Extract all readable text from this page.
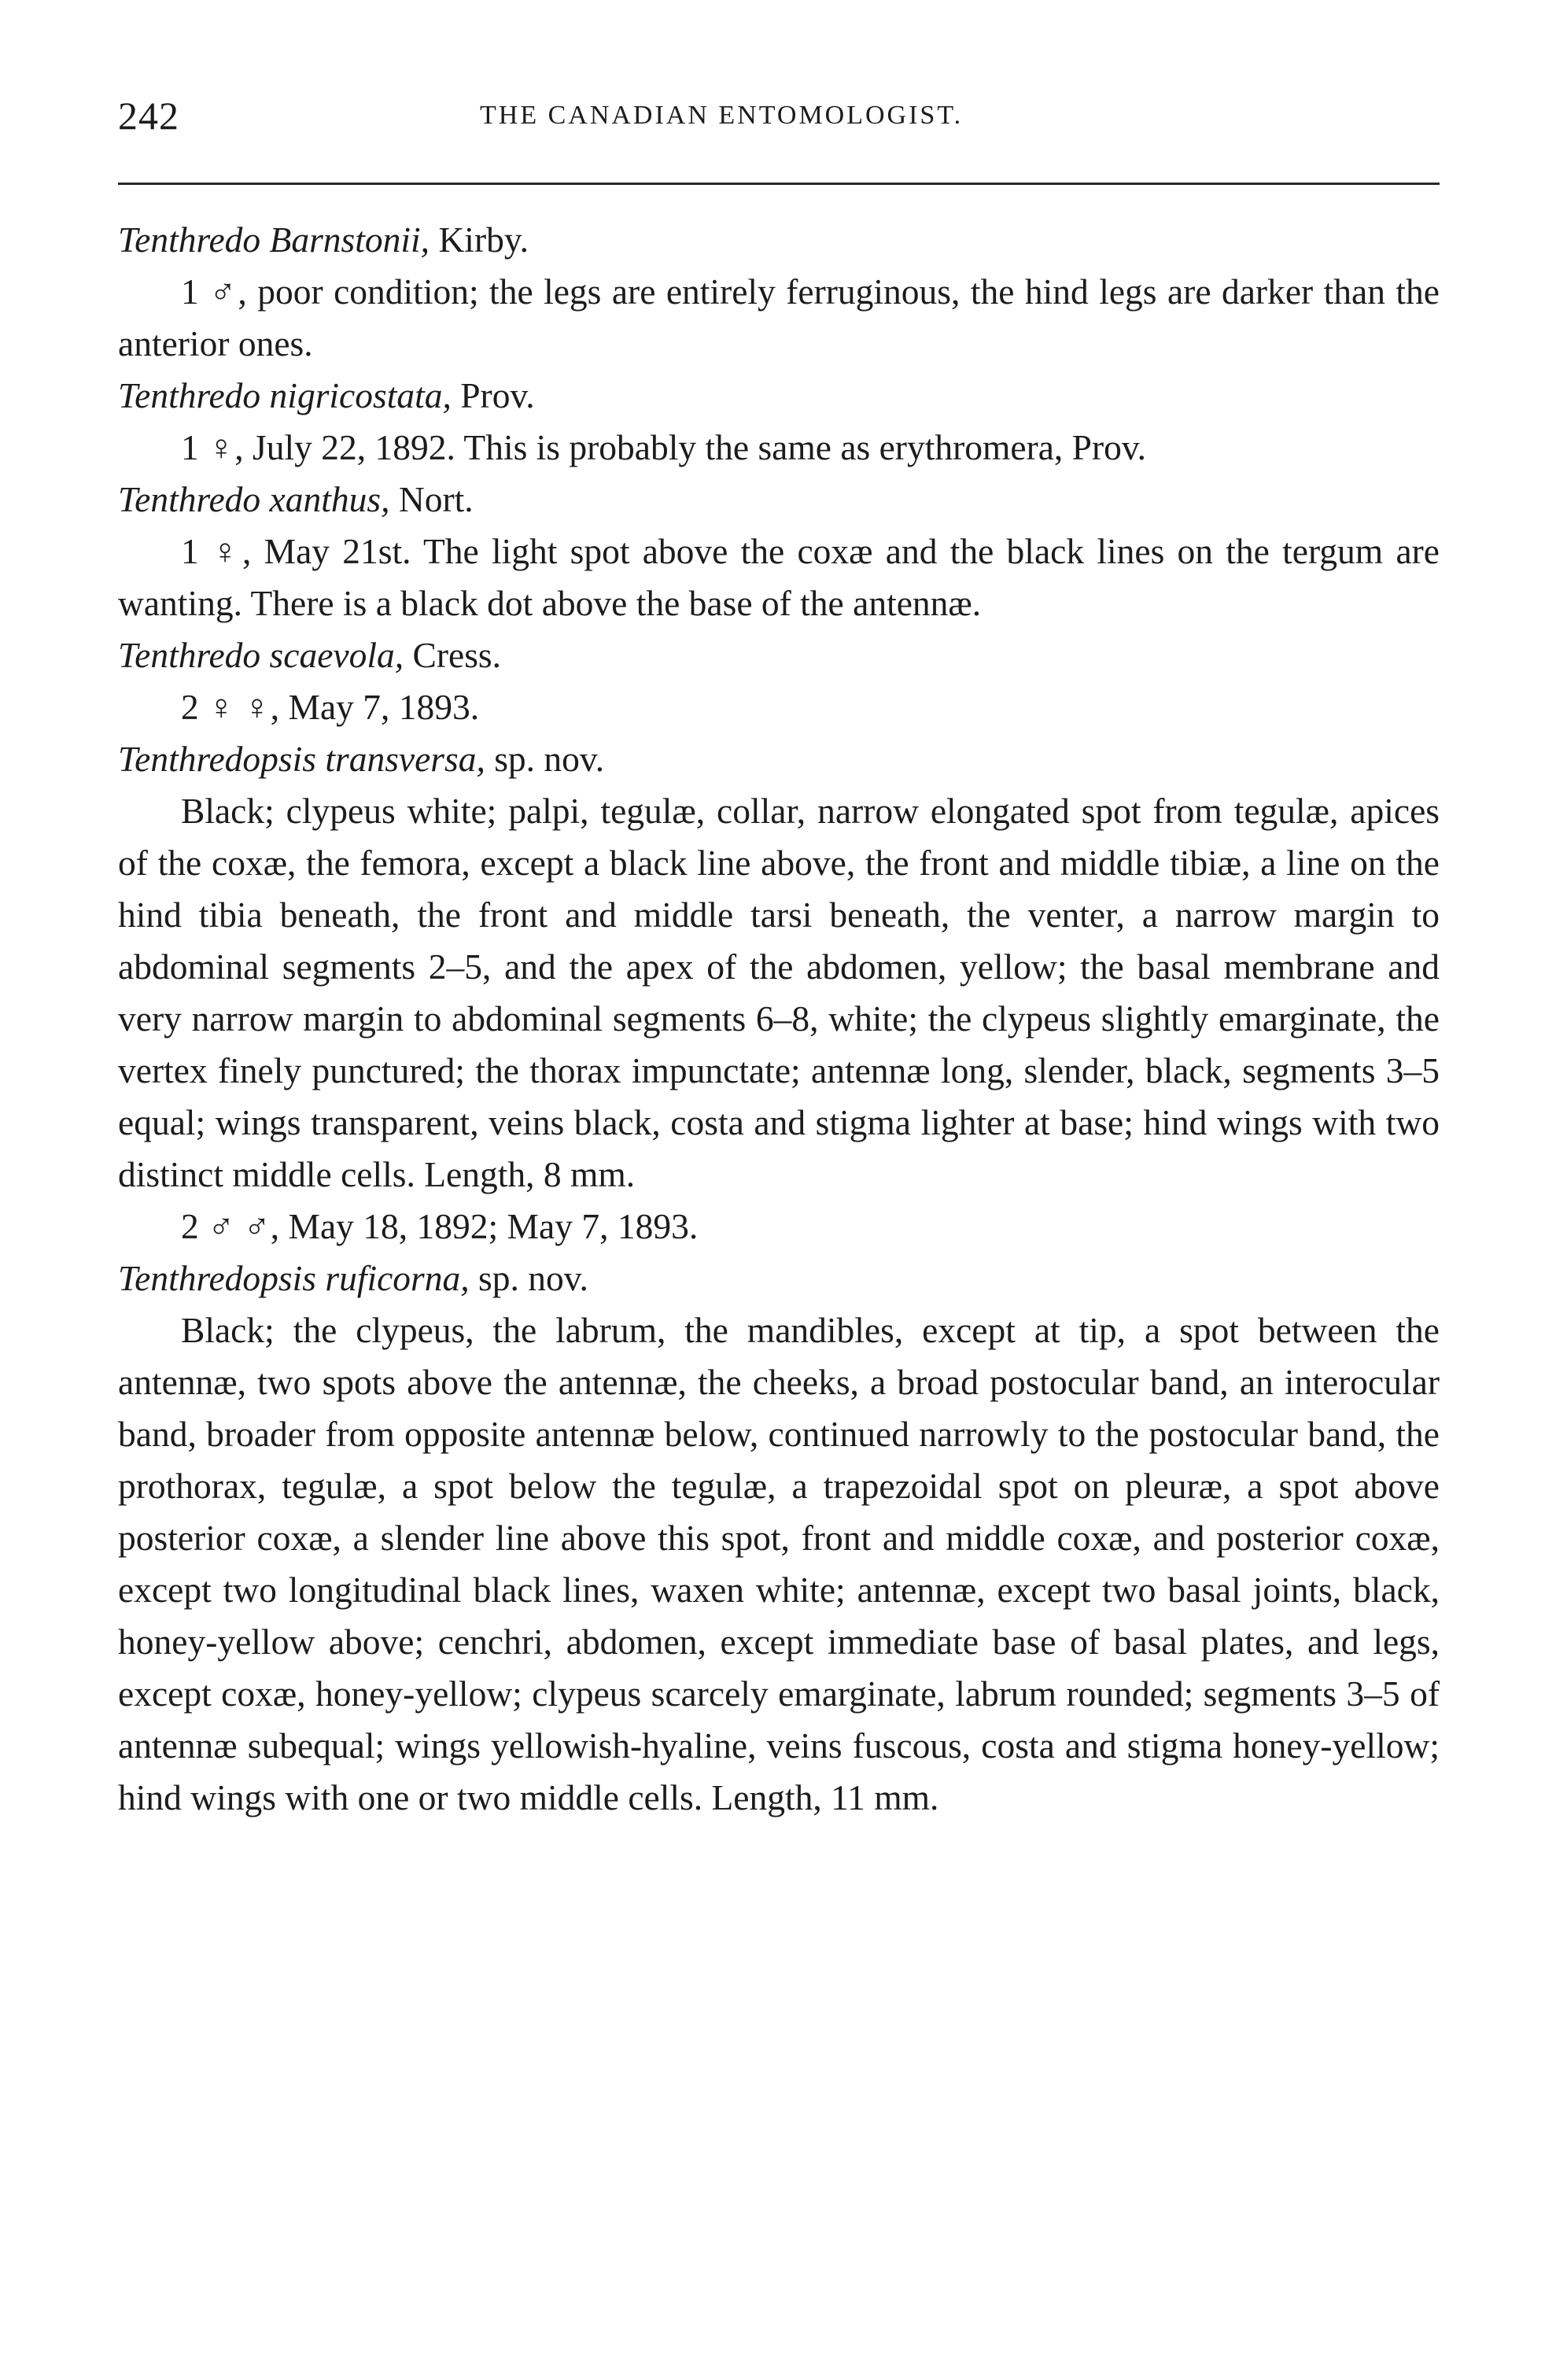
242	THE CANADIAN ENTOMOLOGIST.

Tenthredo Barnstonii, Kirby.

1 ♂, poor condition; the legs are entirely ferruginous, the hind legs are darker than the anterior ones.

Tenthredo nigricostata, Prov.

1 ♀, July 22, 1892. This is probably the same as erythromera, Prov.

Tenthredo xanthus, Nort.

1 ♀, May 21st. The light spot above the coxæ and the black lines on the tergum are wanting. There is a black dot above the base of the antennæ.

Tenthredo scaevola, Cress.

2 ♀ ♀, May 7, 1893.

Tenthredopsis transversa, sp. nov.

Black; clypeus white; palpi, tegulæ, collar, narrow elongated spot from tegulæ, apices of the coxæ, the femora, except a black line above, the front and middle tibiæ, a line on the hind tibia beneath, the front and middle tarsi beneath, the venter, a narrow margin to abdominal segments 2–5, and the apex of the abdomen, yellow; the basal membrane and very narrow margin to abdominal segments 6–8, white; the clypeus slightly emarginate, the vertex finely punctured; the thorax impunctate; antennæ long, slender, black, segments 3–5 equal; wings transparent, veins black, costa and stigma lighter at base; hind wings with two distinct middle cells. Length, 8 mm.

2 ♂ ♂, May 18, 1892; May 7, 1893.

Tenthredopsis ruficorna, sp. nov.

Black; the clypeus, the labrum, the mandibles, except at tip, a spot between the antennæ, two spots above the antennæ, the cheeks, a broad postocular band, an interocular band, broader from opposite antennæ below, continued narrowly to the postocular band, the prothorax, tegulæ, a spot below the tegulæ, a trapezoidal spot on pleuræ, a spot above posterior coxæ, a slender line above this spot, front and middle coxæ, and posterior coxæ, except two longitudinal black lines, waxen white; antennæ, except two basal joints, black, honey-yellow above; cenchri, abdomen, except immediate base of basal plates, and legs, except coxæ, honey-yellow; clypeus scarcely emarginate, labrum rounded; segments 3–5 of antennæ subequal; wings yellowish-hyaline, veins fuscous, costa and stigma honey-yellow; hind wings with one or two middle cells. Length, 11 mm.
